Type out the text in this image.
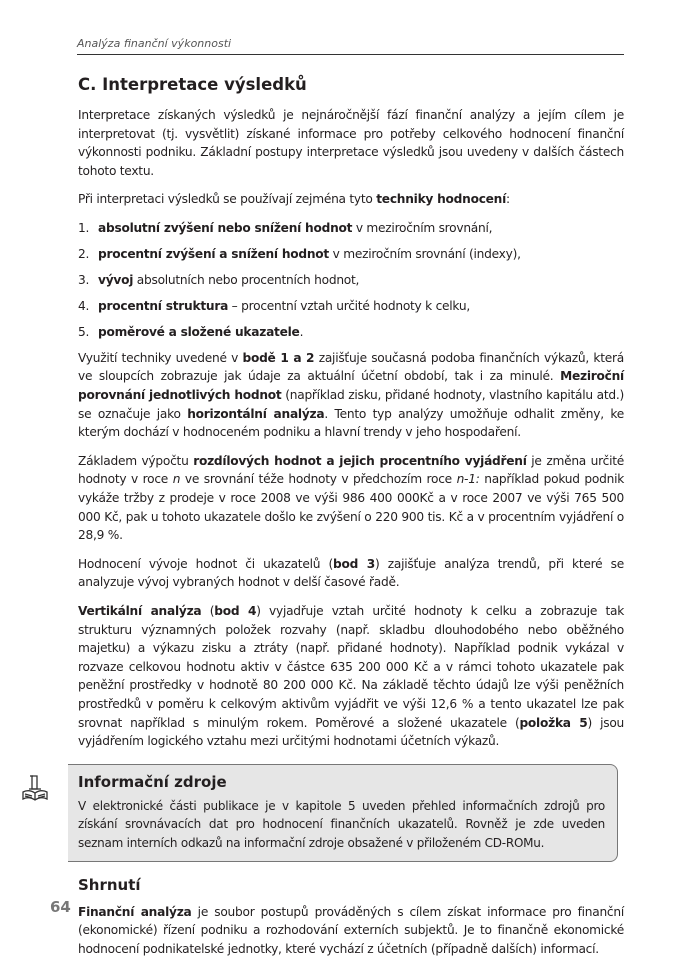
Analýza finanční výkonnosti
C. Interpretace výsledků

Interpretace získaných výsledků je nejnáročnější fází finanční analýzy a jejím cílem je interpretovat (tj. vysvětlit) získané informace pro potřeby celkového hodnocení finanční výkonnosti podniku. Základní postupy interpretace výsledků jsou uvedeny v dalších částech tohoto textu.

Při interpretaci výsledků se používají zejména tyto techniky hodnocení:

1. absolutní zvýšení nebo snížení hodnot v meziročním srovnání,
2. procentní zvýšení a snížení hodnot v meziročním srovnání (indexy),
3. vývoj absolutních nebo procentních hodnot,
4. procentní struktura – procentní vztah určité hodnoty k celku,
5. poměrové a složené ukazatele.

Využití techniky uvedené v bodě 1 a 2 zajišťuje současná podoba finančních výkazů, která ve sloupcích zobrazuje jak údaje za aktuální účetní období, tak i za minulé. Meziroční porovnání jednotlivých hodnot (například zisku, přidané hodnoty, vlastního kapitálu atd.) se označuje jako horizontální analýza. Tento typ analýzy umožňuje odhalit změny, ke kterým dochází v hodnoceném podniku a hlavní trendy v jeho hospodaření.

Základem výpočtu rozdílových hodnot a jejich procentního vyjádření je změna určité hodnoty v roce n ve srovnání téže hodnoty v předchozím roce n-1: například pokud podnik vykáže tržby z prodeje v roce 2008 ve výši 986 400 000Kč a v roce 2007 ve výši 765 500 000 Kč, pak u tohoto ukazatele došlo ke zvýšení o 220 900 tis. Kč a v procentním vyjádření o 28,9 %.

Hodnocení vývoje hodnot či ukazatelů (bod 3) zajišťuje analýza trendů, při které se analyzuje vývoj vybraných hodnot v delší časové řadě.

Vertikální analýza (bod 4) vyjadřuje vztah určité hodnoty k celku a zobrazuje tak strukturu významných položek rozvahy (např. skladbu dlouhodobého nebo oběžného majetku) a výkazu zisku a ztráty (např. přidané hodnoty). Například podnik vykázal v rozvaze celkovou hodnotu aktiv v částce 635 200 000 Kč a v rámci tohoto ukazatele pak peněžní prostředky v hodnotě 80 200 000 Kč. Na základě těchto údajů lze výši peněžních prostředků v poměru k celkovým aktivům vyjádřit ve výši 12,6 % a tento ukazatel lze pak srovnat například s minulým rokem. Poměrové a složené ukazatele (položka 5) jsou vyjádřením logického vztahu mezi určitými hodnotami účetních výkazů.

Informační zdroje

V elektronické části publikace je v kapitole 5 uveden přehled informačních zdrojů pro získání srovnávacích dat pro hodnocení finančních ukazatelů. Rovněž je zde uveden seznam interních odkazů na informační zdroje obsažené v přiloženém CD-ROMu.

Shrnutí

Finanční analýza je soubor postupů prováděných s cílem získat informace pro finanční (ekonomické) řízení podniku a rozhodování externích subjektů. Je to finančně ekonomické hodnocení podnikatelské jednotky, které vychází z účetních (případně dalších) informací.

64
